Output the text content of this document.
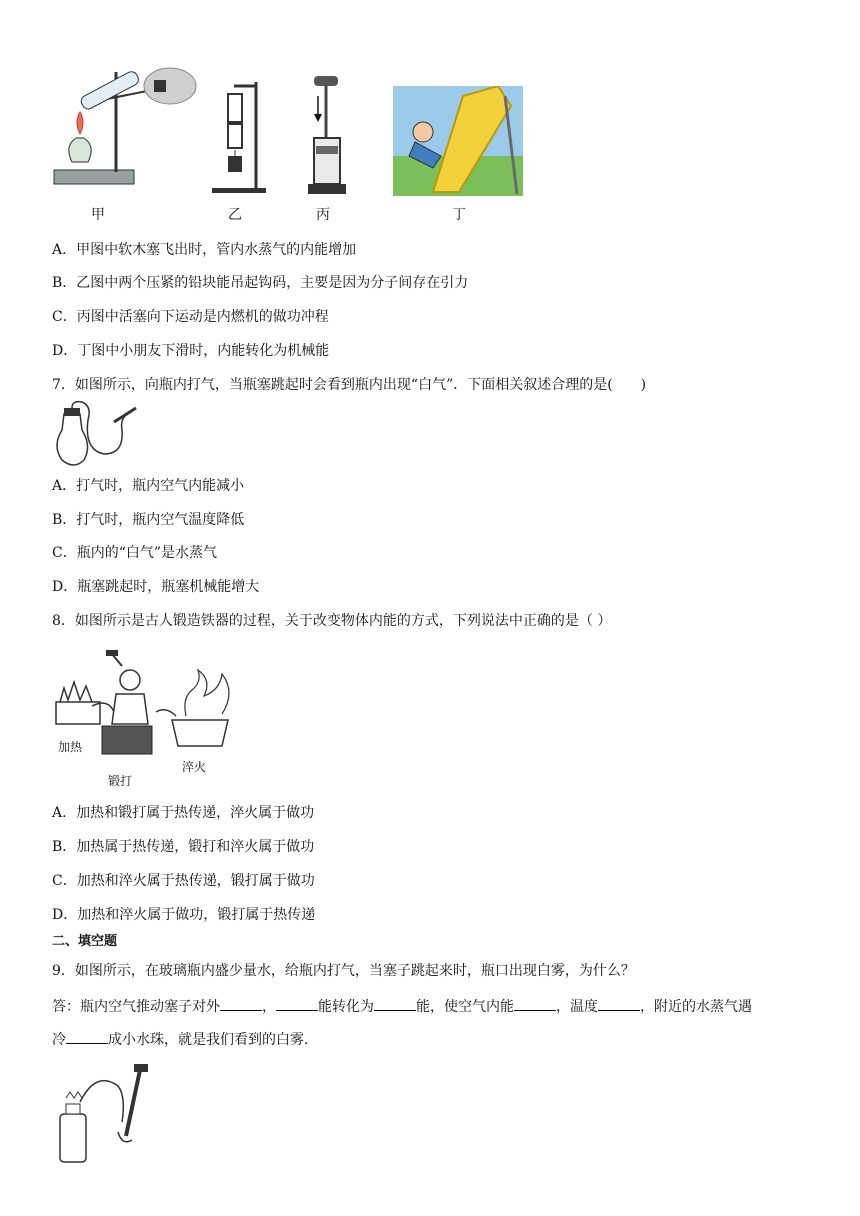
甲	乙	丙	丁
A．甲图中软木塞飞出时，管内水蒸气的内能增加
B．乙图中两个压紧的铅块能吊起钩码，主要是因为分子间存在引力
C．丙图中活塞向下运动是内燃机的做功冲程
D．丁图中小朋友下滑时，内能转化为机械能
7．如图所示，向瓶内打气，当瓶塞跳起时会看到瓶内出现“白气”．下面相关叙述合理的是(　　)
A．打气时，瓶内空气内能减小
B．打气时，瓶内空气温度降低
C．瓶内的“白气”是水蒸气
D．瓶塞跳起时，瓶塞机械能增大
8．如图所示是古人锻造铁器的过程，关于改变物体内能的方式，下列说法中正确的是（ ）
加热
锻打
淬火
A．加热和锻打属于热传递，淬火属于做功
B．加热属于热传递，锻打和淬火属于做功
C．加热和淬火属于热传递，锻打属于做功
D．加热和淬火属于做功，锻打属于热传递
二、填空题
9．如图所示，在玻璃瓶内盛少量水，给瓶内打气，当塞子跳起来时，瓶口出现白雾，为什么？
答：瓶内空气推动塞子对外	，	能转化为	能，使空气内能	，温度	，附近的水蒸气遇
冷	成小水珠，就是我们看到的白雾．
